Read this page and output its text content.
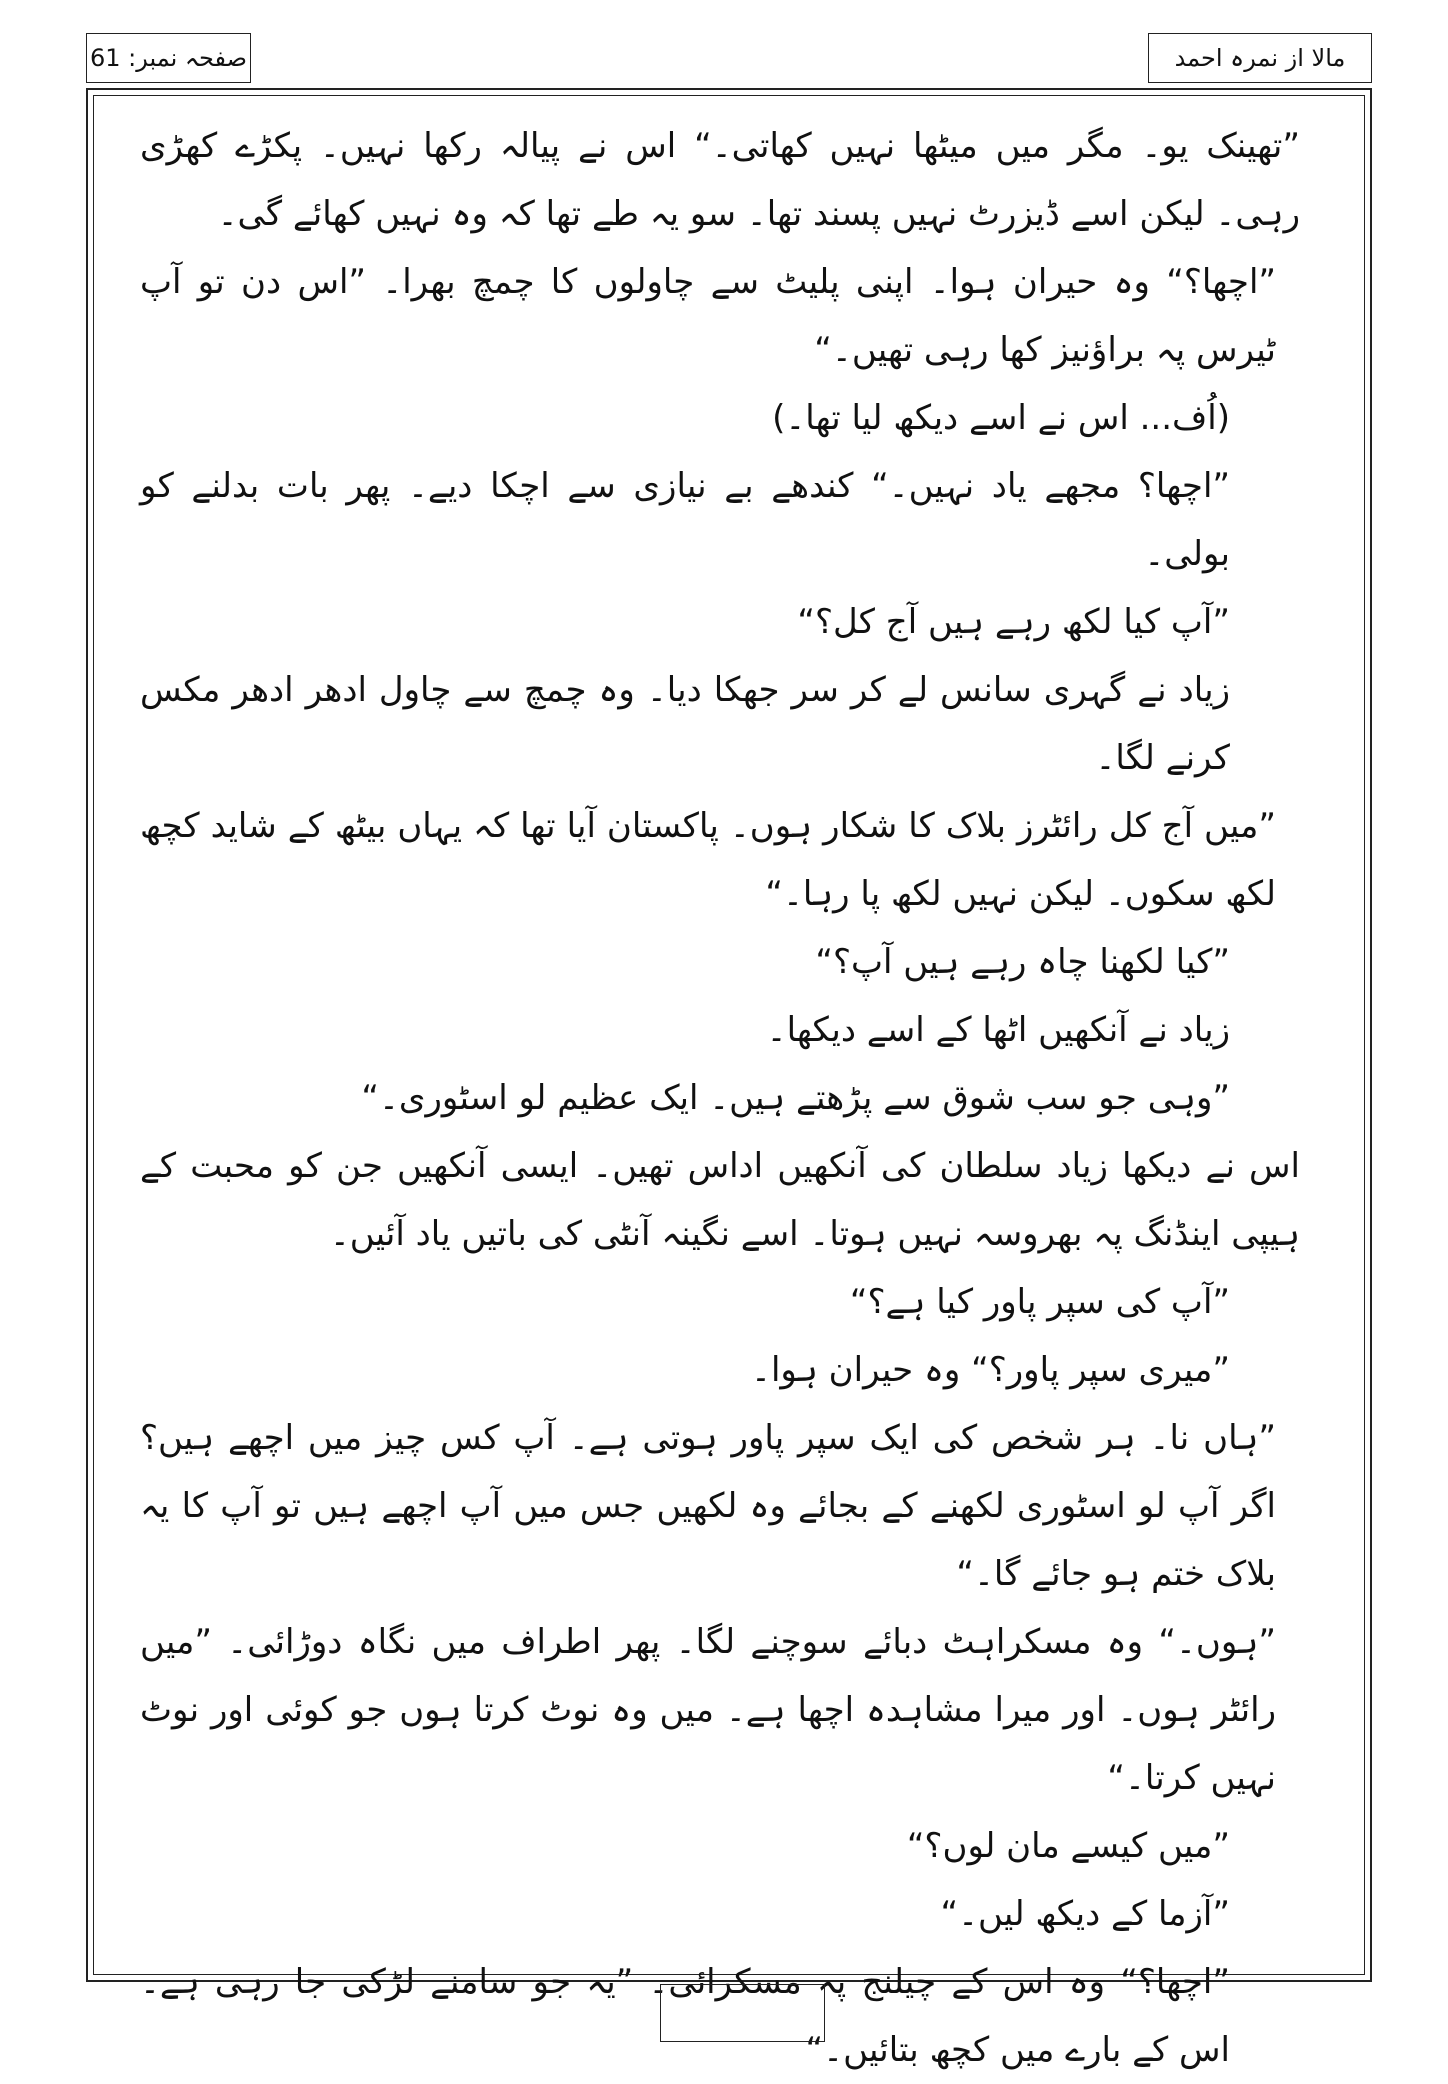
صفحہ نمبر: 61	مالا از نمرہ احمد

”تھینک یو۔ مگر میں میٹھا نہیں کھاتی۔“ اس نے پیالہ رکھا نہیں۔ پکڑے کھڑی رہی۔ لیکن اسے ڈیزرٹ نہیں پسند تھا۔ سو یہ طے تھا کہ وہ نہیں کھائے گی۔

”اچھا؟“ وہ حیران ہوا۔ اپنی پلیٹ سے چاولوں کا چمچ بھرا۔ ”اس دن تو آپ ٹیرس پہ براؤنیز کھا رہی تھیں۔“

(اُف... اس نے اسے دیکھ لیا تھا۔)

”اچھا؟ مجھے یاد نہیں۔“ کندھے بے نیازی سے اچکا دیے۔ پھر بات بدلنے کو بولی۔

”آپ کیا لکھ رہے ہیں آج کل؟“

زیاد نے گہری سانس لے کر سر جھکا دیا۔ وہ چمچ سے چاول ادھر ادھر مکس کرنے لگا۔

”میں آج کل رائٹرز بلاک کا شکار ہوں۔ پاکستان آیا تھا کہ یہاں بیٹھ کے شاید کچھ لکھ سکوں۔ لیکن نہیں لکھ پا رہا۔“

”کیا لکھنا چاہ رہے ہیں آپ؟“

زیاد نے آنکھیں اٹھا کے اسے دیکھا۔

”وہی جو سب شوق سے پڑھتے ہیں۔ ایک عظیم لو اسٹوری۔“

اس نے دیکھا زیاد سلطان کی آنکھیں اداس تھیں۔ ایسی آنکھیں جن کو محبت کے ہیپی اینڈنگ پہ بھروسہ نہیں ہوتا۔ اسے نگینہ آنٹی کی باتیں یاد آئیں۔

”آپ کی سپر پاور کیا ہے؟“

”میری سپر پاور؟“ وہ حیران ہوا۔

”ہاں نا۔ ہر شخص کی ایک سپر پاور ہوتی ہے۔ آپ کس چیز میں اچھے ہیں؟ اگر آپ لو اسٹوری لکھنے کے بجائے وہ لکھیں جس میں آپ اچھے ہیں تو آپ کا یہ بلاک ختم ہو جائے گا۔“

”ہوں۔“ وہ مسکراہٹ دبائے سوچنے لگا۔ پھر اطراف میں نگاہ دوڑائی۔ ”میں رائٹر ہوں۔ اور میرا مشاہدہ اچھا ہے۔ میں وہ نوٹ کرتا ہوں جو کوئی اور نوٹ نہیں کرتا۔“

”میں کیسے مان لوں؟“

”آزما کے دیکھ لیں۔“

”اچھا؟“ وہ اس کے چیلنج پہ مسکرائی۔ ”یہ جو سامنے لڑکی جا رہی ہے۔ اس کے بارے میں کچھ بتائیں۔“
